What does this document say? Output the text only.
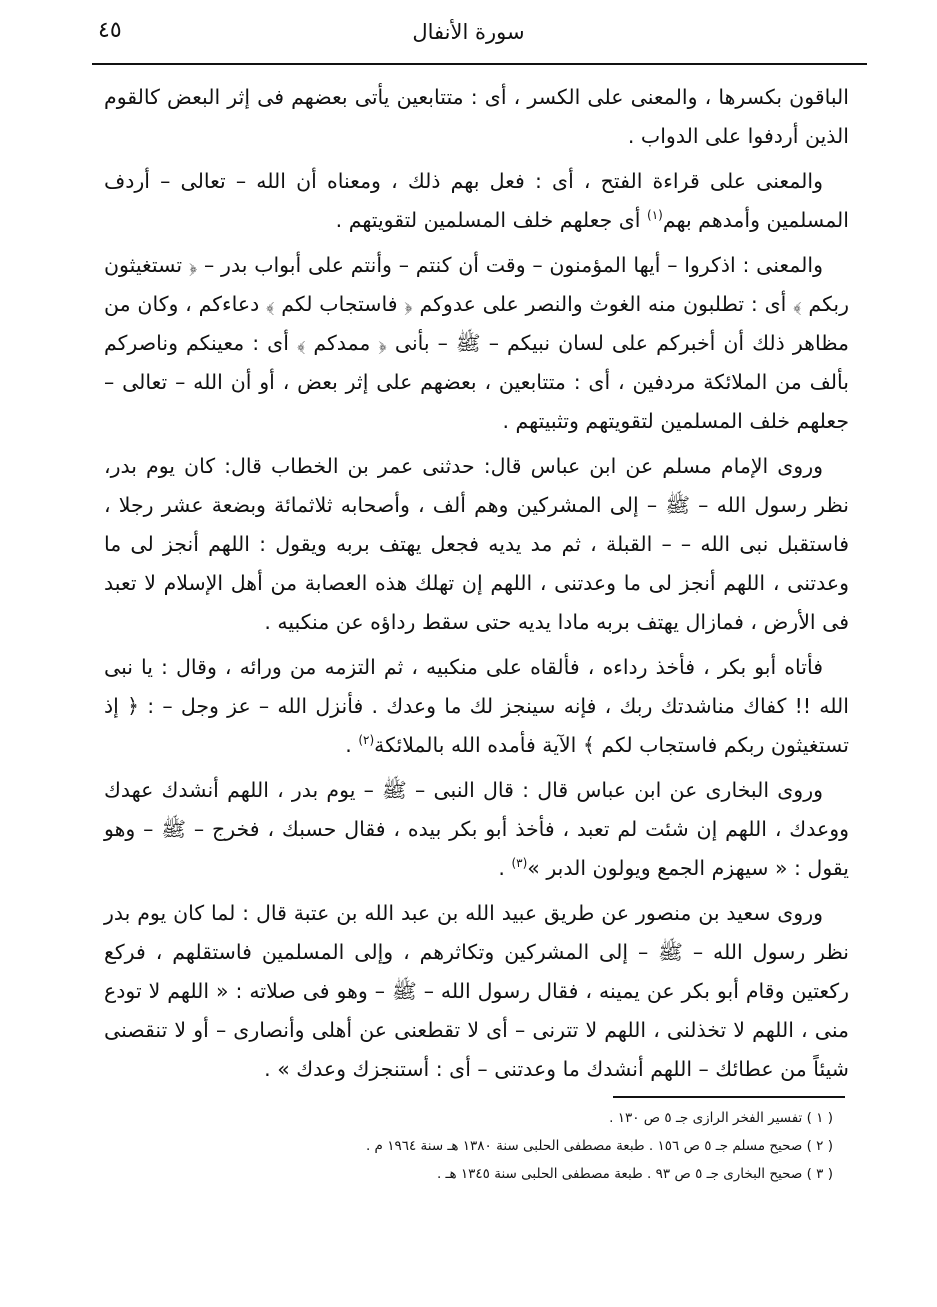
٤٥	سورة الأنفال

الباقون بكسرها ، والمعنى على الكسر ، أى : متتابعين يأتى بعضهم فى إثر البعض كالقوم الذين أردفوا على الدواب .

والمعنى على قراءة الفتح ، أى : فعل بهم ذلك ، ومعناه أن الله – تعالى – أردف المسلمين وأمدهم بهم$^{(١)}$ أى جعلهم خلف المسلمين لتقويتهم .

والمعنى : اذكروا – أيها المؤمنون – وقت أن كنتم – وأنتم على أبواب بدر – ﴿ تستغيثون ربكم ﴾ أى : تطلبون منه الغوث والنصر على عدوكم ﴿ فاستجاب لكم ﴾ دعاءكم ، وكان من مظاهر ذلك أن أخبركم على لسان نبيكم – ﷺ – بأنى ﴿ ممدكم ﴾ أى : معينكم وناصركم بألف من الملائكة مردفين ، أى : متتابعين ، بعضهم على إثر بعض ، أو أن الله – تعالى – جعلهم خلف المسلمين لتقويتهم وتثبيتهم .

وروى الإمام مسلم عن ابن عباس قال: حدثنى عمر بن الخطاب قال: كان يوم بدر، نظر رسول الله – ﷺ – إلى المشركين وهم ألف ، وأصحابه ثلاثمائة وبضعة عشر رجلا ، فاستقبل نبى الله – – القبلة ، ثم مد يديه فجعل يهتف بربه ويقول : اللهم أنجز لى ما وعدتنى ، اللهم أنجز لى ما وعدتنى ، اللهم إن تهلك هذه العصابة من أهل الإسلام لا تعبد فى الأرض ، فمازال يهتف بربه مادا يديه حتى سقط رداؤه عن منكبيه .

فأتاه أبو بكر ، فأخذ رداءه ، فألقاه على منكبيه ، ثم التزمه من ورائه ، وقال : يا نبى الله !! كفاك مناشدتك ربك ، فإنه سينجز لك ما وعدك . فأنزل الله – عز وجل – : ﴿ إذ تستغيثون ربكم فاستجاب لكم ﴾ الآية فأمده الله بالملائكة$^{(٢)}$ .

وروى البخارى عن ابن عباس قال : قال النبى – ﷺ – يوم بدر ، اللهم أنشدك عهدك ووعدك ، اللهم إن شئت لم تعبد ، فأخذ أبو بكر بيده ، فقال حسبك ، فخرج – ﷺ – وهو يقول : « سيهزم الجمع ويولون الدبر »$^{(٣)}$ .

وروى سعيد بن منصور عن طريق عبيد الله بن عبد الله بن عتبة قال : لما كان يوم بدر نظر رسول الله – ﷺ – إلى المشركين وتكاثرهم ، وإلى المسلمين فاستقلهم ، فركع ركعتين وقام أبو بكر عن يمينه ، فقال رسول الله – ﷺ – وهو فى صلاته : « اللهم لا تودع منى ، اللهم لا تخذلنى ، اللهم لا تترنى – أى لا تقطعنى عن أهلى وأنصارى – أو لا تنقصنى شيئاً من عطائك – اللهم أنشدك ما وعدتنى – أى : أستنجزك وعدك » .

( ١ ) تفسير الفخر الرازى جـ ٥ ص ١٣٠ .
( ٢ ) صحيح مسلم جـ ٥ ص ١٥٦ . طبعة مصطفى الحلبى سنة ١٣٨٠ هـ سنة ١٩٦٤ م .
( ٣ ) صحيح البخارى جـ ٥ ص ٩٣ . طبعة مصطفى الحلبى سنة ١٣٤٥ هـ .
